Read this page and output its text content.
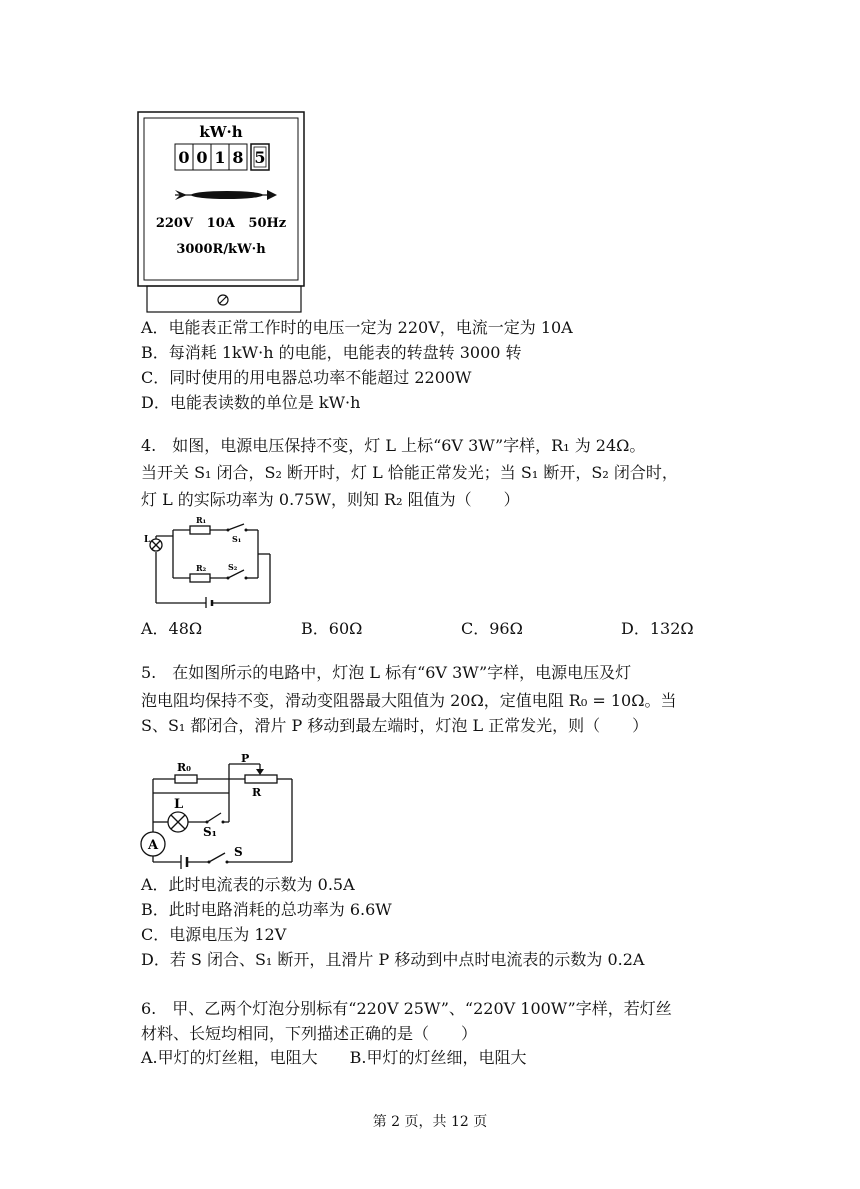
kW·h
0 0 1 8 5
220V   10A   50Hz
3000R/kW·h
A．电能表正常工作时的电压一定为 220V，电流一定为 10A
B．每消耗 1kW·h 的电能，电能表的转盘转 3000 转
C．同时使用的用电器总功率不能超过 2200W
D．电能表读数的单位是 kW·h
4.　如图，电源电压保持不变，灯 L 上标“6V 3W”字样，R₁ 为 24Ω。
当开关 S₁ 闭合，S₂ 断开时，灯 L 恰能正常发光；当 S₁ 断开，S₂ 闭合时，
灯 L 的实际功率为 0.75W，则知 R₂ 阻值为（　　）
L
R₁
S₁
R₂	S₂
A．48Ω	B．60Ω	C．96Ω	D．132Ω
5.　在如图所示的电路中，灯泡 L 标有“6V 3W”字样，电源电压及灯
泡电阻均保持不变，滑动变阻器最大阻值为 20Ω，定值电阻 R₀ = 10Ω。当
S、S₁ 都闭合，滑片 P 移动到最左端时，灯泡 L 正常发光，则（　　）
R₀
P
R
L
S₁
A	S
A．此时电流表的示数为 0.5A
B．此时电路消耗的总功率为 6.6W
C．电源电压为 12V
D．若 S 闭合、S₁ 断开，且滑片 P 移动到中点时电流表的示数为 0.2A
6.　甲、乙两个灯泡分别标有“220V 25W”、“220V 100W”字样，若灯丝
材料、长短均相同，下列描述正确的是（　　）
A.甲灯的灯丝粗，电阻大　　B.甲灯的灯丝细，电阻大
第 2 页，共 12 页
